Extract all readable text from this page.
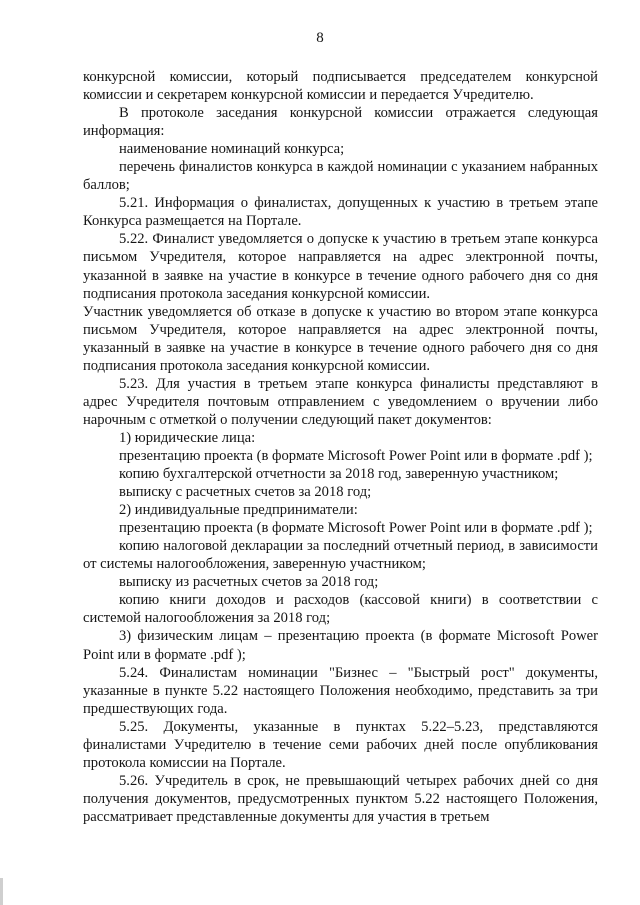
8

конкурсной комиссии, который подписывается председателем конкурсной комиссии и секретарем конкурсной комиссии и передается Учредителю.

В протоколе заседания конкурсной комиссии отражается следующая информация:

наименование номинаций конкурса;

перечень финалистов конкурса в каждой номинации с указанием набранных баллов;

5.21. Информация о финалистах, допущенных к участию в третьем этапе Конкурса размещается на Портале.

5.22. Финалист уведомляется о допуске к участию в третьем этапе конкурса письмом Учредителя, которое направляется на адрес электронной почты, указанной в заявке на участие в конкурсе в течение одного рабочего дня со дня подписания протокола заседания конкурсной комиссии.

Участник уведомляется об отказе в допуске к участию во втором этапе конкурса письмом Учредителя, которое направляется на адрес электронной почты, указанный в заявке на участие в конкурсе в течение одного рабочего дня со дня подписания протокола заседания конкурсной комиссии.

5.23. Для участия в третьем этапе конкурса финалисты представляют в адрес Учредителя почтовым отправлением с уведомлением о вручении либо нарочным с отметкой о получении следующий пакет документов:

1) юридические лица:

презентацию проекта (в формате Microsoft Power Point или в формате .pdf );

копию бухгалтерской отчетности за 2018 год, заверенную участником;

выписку с расчетных счетов за 2018 год;

2) индивидуальные предприниматели:

презентацию проекта (в формате Microsoft Power Point или в формате .pdf );

копию налоговой декларации за последний отчетный период, в зависимости от системы налогообложения, заверенную участником;

выписку из расчетных счетов за 2018 год;

копию книги доходов и расходов (кассовой книги) в соответствии с системой налогообложения за 2018 год;

3) физическим лицам – презентацию проекта (в формате Microsoft Power Point или в формате .pdf );

5.24. Финалистам номинации "Бизнес – "Быстрый рост" документы, указанные в пункте 5.22 настоящего Положения необходимо, представить за три предшествующих года.

5.25. Документы, указанные в пунктах 5.22–5.23, представляются финалистами Учредителю в течение семи рабочих дней после опубликования протокола комиссии на Портале.

5.26. Учредитель в срок, не превышающий четырех рабочих дней со дня получения документов, предусмотренных пунктом 5.22 настоящего Положения, рассматривает представленные документы для участия в третьем
